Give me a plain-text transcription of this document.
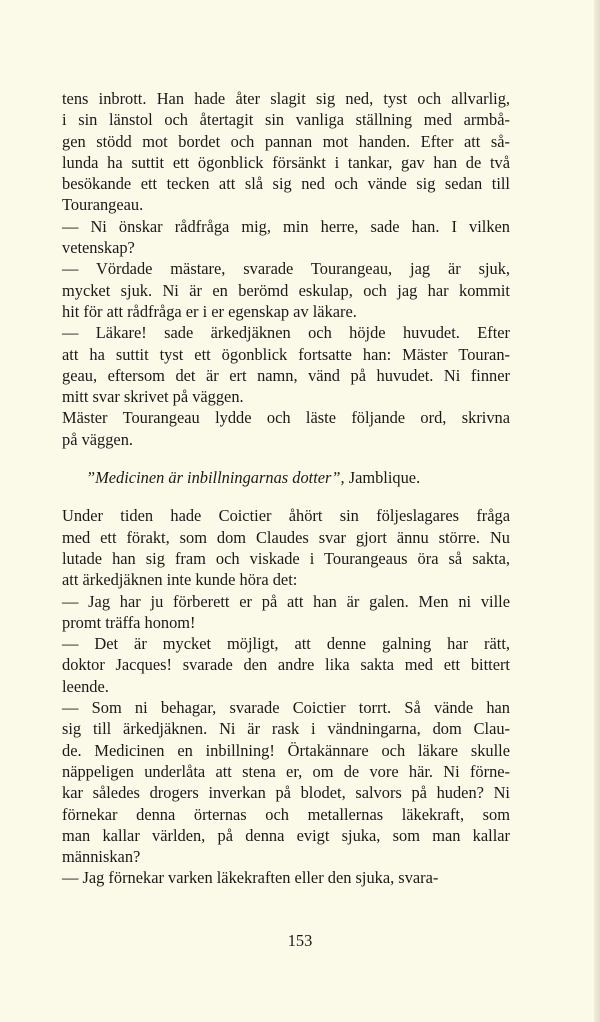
tens inbrott. Han hade åter slagit sig ned, tyst och allvarlig,
i sin länstol och återtagit sin vanliga ställning med armbå-
gen stödd mot bordet och pannan mot handen. Efter att så-
lunda ha suttit ett ögonblick försänkt i tankar, gav han de två
besökande ett tecken att slå sig ned och vände sig sedan till
Tourangeau.
— Ni önskar rådfråga mig, min herre, sade han. I vilken
vetenskap?
— Vördade mästare, svarade Tourangeau, jag är sjuk,
mycket sjuk. Ni är en berömd eskulap, och jag har kommit
hit för att rådfråga er i er egenskap av läkare.
— Läkare! sade ärkedjäknen och höjde huvudet. Efter
att ha suttit tyst ett ögonblick fortsatte han: Mäster Touran-
geau, eftersom det är ert namn, vänd på huvudet. Ni finner
mitt svar skrivet på väggen.
Mäster Tourangeau lydde och läste följande ord, skrivna
på väggen.
”Medicinen är inbillningarnas dotter”, Jamblique.
Under tiden hade Coictier åhört sin följeslagares fråga
med ett förakt, som dom Claudes svar gjort ännu större. Nu
lutade han sig fram och viskade i Tourangeaus öra så sakta,
att ärkedjäknen inte kunde höra det:
— Jag har ju förberett er på att han är galen. Men ni ville
promt träffa honom!
— Det är mycket möjligt, att denne galning har rätt,
doktor Jacques! svarade den andre lika sakta med ett bittert
leende.
— Som ni behagar, svarade Coictier torrt. Så vände han
sig till ärkedjäknen. Ni är rask i vändningarna, dom Clau-
de. Medicinen en inbillning! Örtakännare och läkare skulle
näppeligen underlåta att stena er, om de vore här. Ni förne-
kar således drogers inverkan på blodet, salvors på huden? Ni
förnekar denna örternas och metallernas läkekraft, som
man kallar världen, på denna evigt sjuka, som man kallar
människan?
— Jag förnekar varken läkekraften eller den sjuka, svara-
153
